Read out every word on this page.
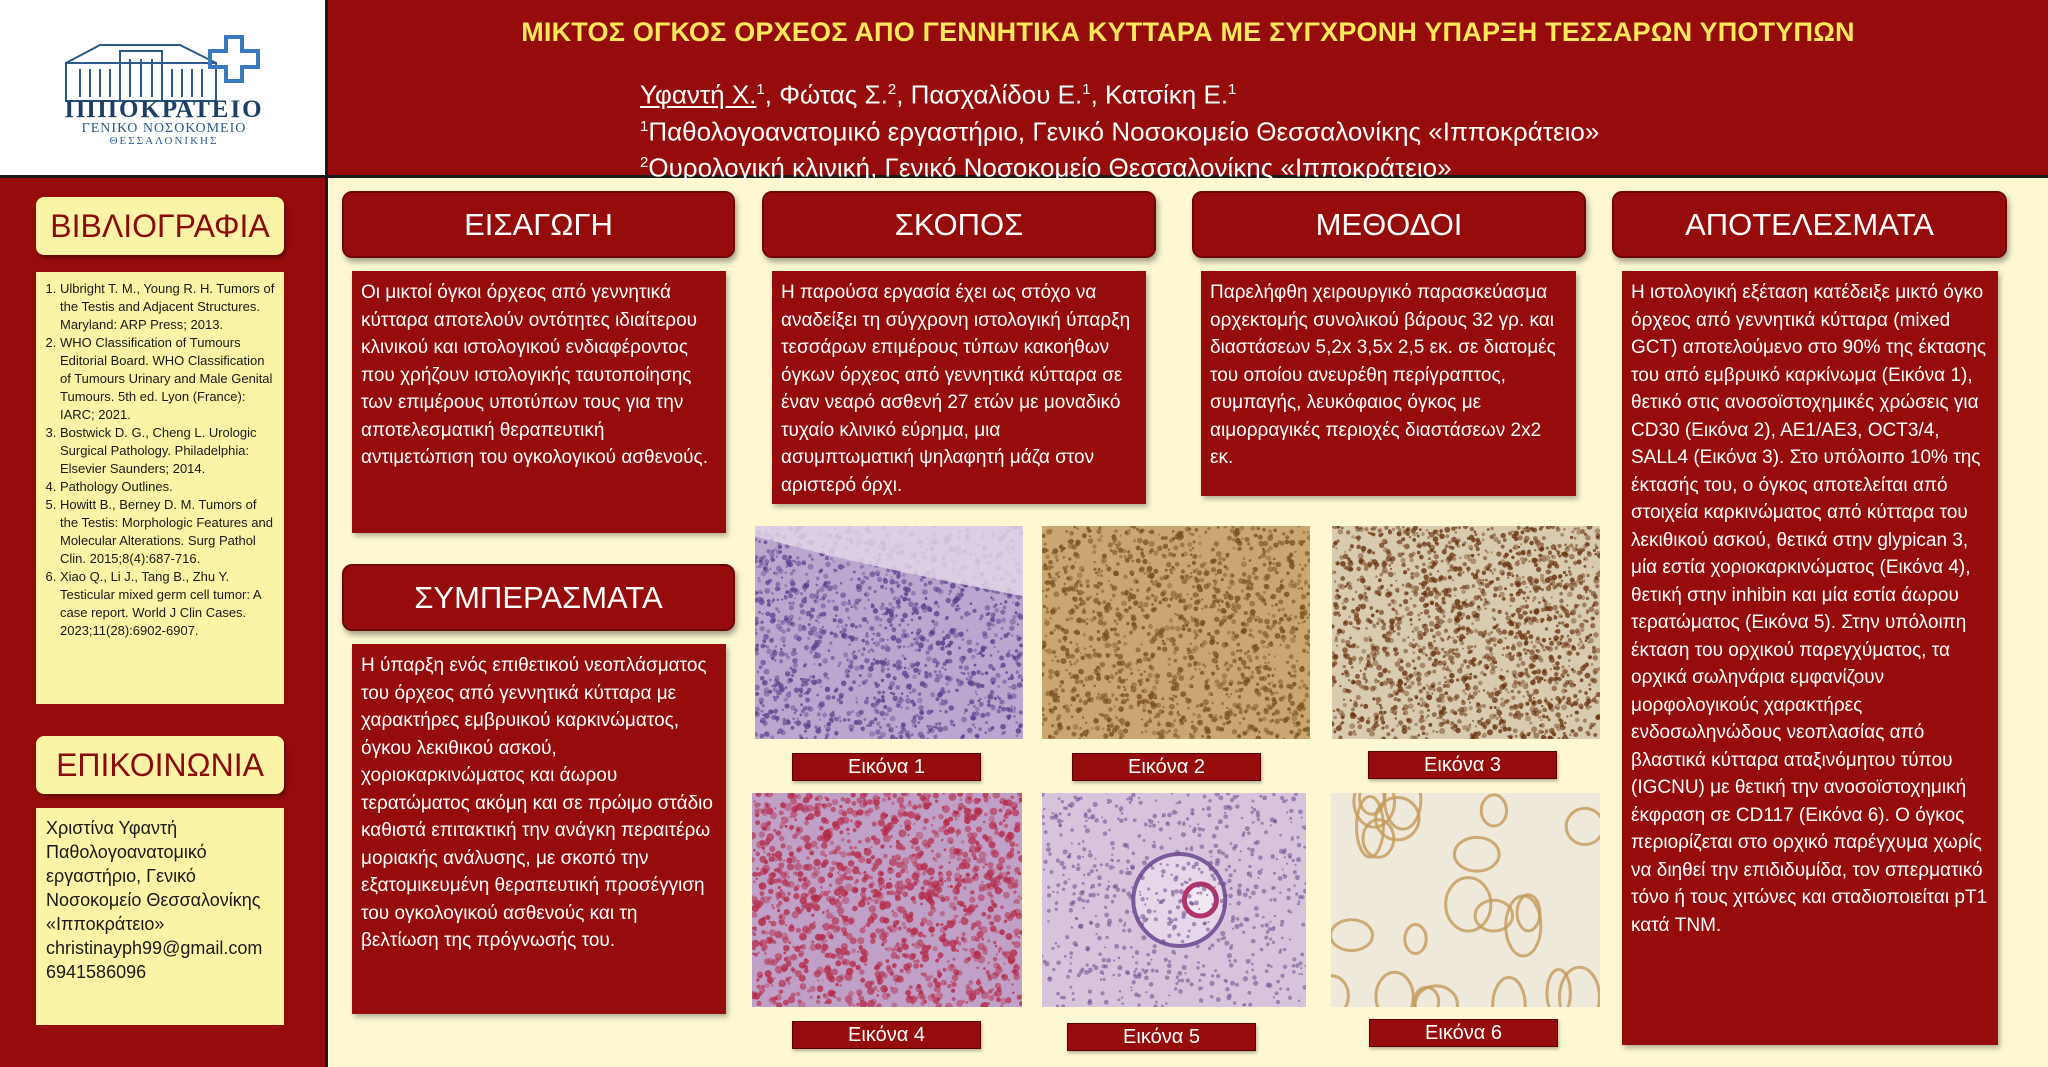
ΙΠΠΟΚΡΑΤΕΙΟ
ΓΕΝΙΚΟ ΝΟΣΟΚΟΜΕΙΟ
ΘΕΣΣΑΛΟΝΙΚΗΣ
ΜΙΚΤΟΣ ΟΓΚΟΣ ΟΡΧΕΟΣ ΑΠΟ ΓΕΝΝΗΤΙΚΑ ΚΥΤΤΑΡΑ ΜΕ ΣΥΓΧΡΟΝΗ ΥΠΑΡΞΗ ΤΕΣΣΑΡΩΝ ΥΠΟΤΥΠΩΝ
Υφαντή Χ.$^1$, Φώτας Σ.$^2$, Πασχαλίδου Ε.$^1$, Κατσίκη Ε.$^1$
$^1$Παθολογοανατομικό εργαστήριο, Γενικό Νοσοκομείο Θεσσαλονίκης «Ιπποκράτειο»
$^2$Ουρολογική κλινική, Γενικό Νοσοκομείο Θεσσαλονίκης «Ιπποκράτειο»
ΒΙΒΛΙΟΓΡΑΦΙΑ
1. Ulbright T. M., Young R. H. Tumors of the Testis and Adjacent Structures. Maryland: ARP Press; 2013.
2. WHO Classification of Tumours Editorial Board. WHO Classification of Tumours Urinary and Male Genital Tumours. 5th ed. Lyon (France): IARC; 2021.
3. Bostwick D. G., Cheng L. Urologic Surgical Pathology. Philadelphia: Elsevier Saunders; 2014.
4. Pathology Outlines.
5. Howitt B., Berney D. M. Tumors of the Testis: Morphologic Features and Molecular Alterations. Surg Pathol Clin. 2015;8(4):687-716.
6. Xiao Q., Li J., Tang B., Zhu Y. Testicular mixed germ cell tumor: A case report. World J Clin Cases. 2023;11(28):6902-6907.
ΕΠΙΚΟΙΝΩΝΙΑ
Χριστίνα Υφαντή
Παθολογοανατομικό
εργαστήριο, Γενικό
Νοσοκομείο Θεσσαλονίκης
«Ιπποκράτειο»
christinayph99@gmail.com
6941586096
ΕΙΣΑΓΩΓΗ	ΣΚΟΠΟΣ	ΜΕΘΟΔΟΙ	ΑΠΟΤΕΛΕΣΜΑΤΑ
ΣΥΜΠΕΡΑΣΜΑΤΑ
Οι μικτοί όγκοι όρχεος από γεννητικά κύτταρα αποτελούν οντότητες ιδιαίτερου κλινικού και ιστολογικού ενδιαφέροντος που χρήζουν ιστολογικής ταυτοποίησης των επιμέρους υποτύπων τους για την αποτελεσματική θεραπευτική αντιμετώπιση του ογκολογικού ασθενούς.
Η παρούσα εργασία έχει ως στόχο να αναδείξει τη σύγχρονη ιστολογική ύπαρξη τεσσάρων επιμέρους τύπων κακοήθων όγκων όρχεος από γεννητικά κύτταρα σε έναν νεαρό ασθενή 27 ετών με μοναδικό τυχαίο κλινικό εύρημα, μια ασυμπτωματική ψηλαφητή μάζα στον αριστερό όρχι.
Παρελήφθη χειρουργικό παρασκεύασμα ορχεκτομής συνολικού βάρους 32 γρ. και διαστάσεων 5,2x 3,5x 2,5 εκ. σε διατομές του οποίου ανευρέθη περίγραπτος, συμπαγής, λευκόφαιος όγκος με αιμορραγικές περιοχές διαστάσεων 2x2 εκ.
Η ύπαρξη ενός επιθετικού νεοπλάσματος του όρχεος από γεννητικά κύτταρα με χαρακτήρες εμβρυικού καρκινώματος, όγκου λεκιθικού ασκού, χοριοκαρκινώματος και άωρου τερατώματος ακόμη και σε πρώιμο στάδιο καθιστά επιτακτική την ανάγκη περαιτέρω μοριακής ανάλυσης, με σκοπό την εξατομικευμένη θεραπευτική προσέγγιση του ογκολογικού ασθενούς και τη βελτίωση της πρόγνωσής του.
Η ιστολογική εξέταση κατέδειξε μικτό όγκο όρχεος από γεννητικά κύτταρα (mixed GCT) αποτελούμενο στο 90% της έκτασης του από εμβρυικό καρκίνωμα (Εικόνα 1), θετικό στις ανοσοϊστοχημικές χρώσεις για CD30 (Εικόνα 2), AE1/AE3, OCT3/4, SALL4 (Εικόνα 3). Στο υπόλοιπο 10% της έκτασής του, ο όγκος αποτελείται από στοιχεία καρκινώματος από κύτταρα του λεκιθικού ασκού, θετικά στην glypican 3, μία εστία χοριοκαρκινώματος (Εικόνα 4), θετική στην inhibin και μία εστία άωρου τερατώματος (Εικόνα 5). Στην υπόλοιπη έκταση του ορχικού παρεγχύματος, τα ορχικά σωληνάρια εμφανίζουν μορφολογικούς χαρακτήρες ενδοσωληνώδους νεοπλασίας από βλαστικά κύτταρα αταξινόμητου τύπου (IGCNU) με θετική την ανοσοϊστοχημική έκφραση σε CD117 (Εικόνα 6). Ο όγκος περιορίζεται στο ορχικό παρέγχυμα χωρίς να διηθεί την επιδιδυμίδα, τον σπερματικό τόνο ή τους χιτώνες και σταδιοποιείται pT1 κατά TNM.
Εικόνα 1	Εικόνα 2	Εικόνα 3
Εικόνα 4	Εικόνα 5	Εικόνα 6
